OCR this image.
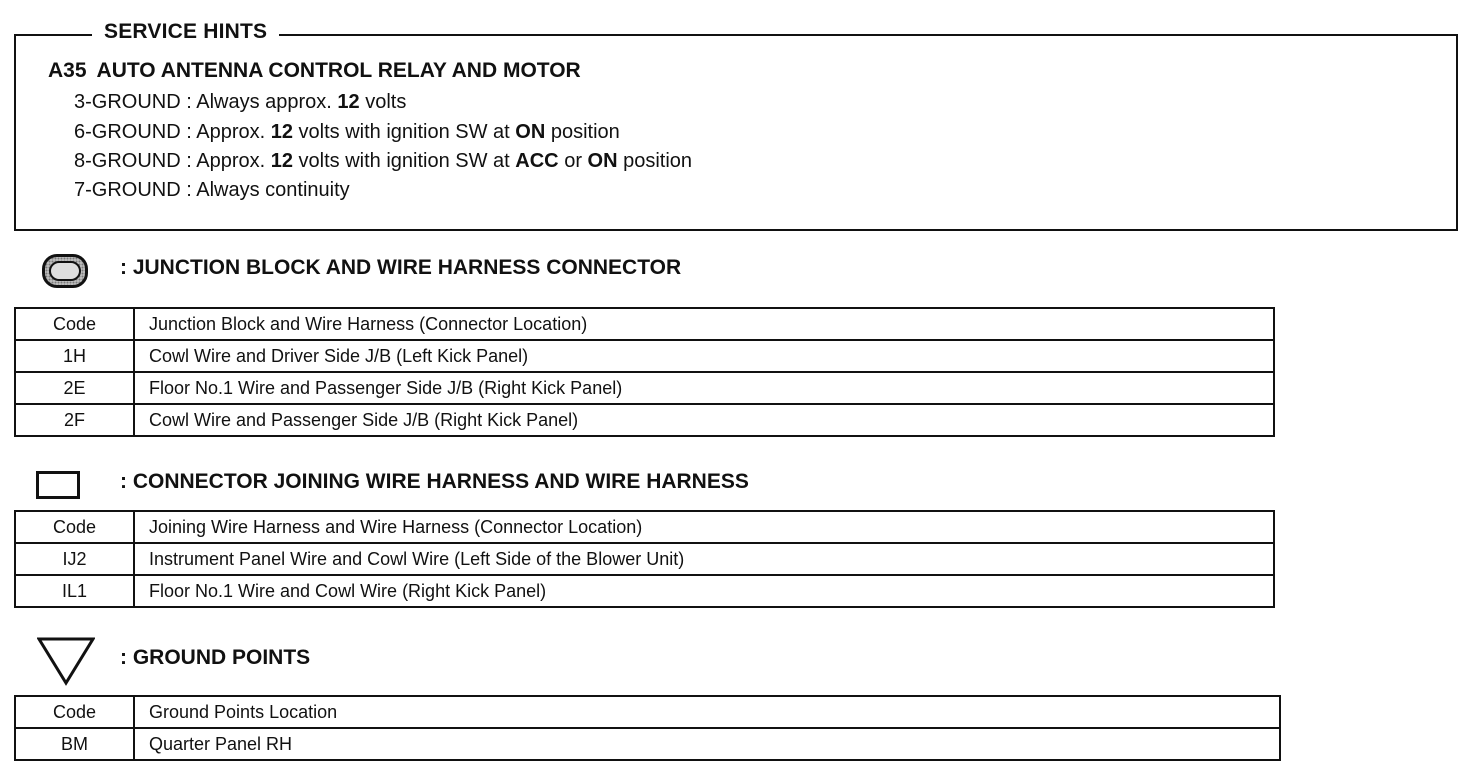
SERVICE HINTS
A35 AUTO ANTENNA CONTROL RELAY AND MOTOR
3-GROUND : Always approx. 12 volts
6-GROUND : Approx. 12 volts with ignition SW at ON position
8-GROUND : Approx. 12 volts with ignition SW at ACC or ON position
7-GROUND : Always continuity
: JUNCTION BLOCK AND WIRE HARNESS CONNECTOR
Code	Junction Block and Wire Harness (Connector Location)
1H	Cowl Wire and Driver Side J/B (Left Kick Panel)
2E	Floor No.1 Wire and Passenger Side J/B (Right Kick Panel)
2F	Cowl Wire and Passenger Side J/B (Right Kick Panel)
: CONNECTOR JOINING WIRE HARNESS AND WIRE HARNESS
Code	Joining Wire Harness and Wire Harness (Connector Location)
IJ2	Instrument Panel Wire and Cowl Wire (Left Side of the Blower Unit)
IL1	Floor No.1 Wire and Cowl Wire (Right Kick Panel)
: GROUND POINTS
Code	Ground Points Location
BM	Quarter Panel RH
